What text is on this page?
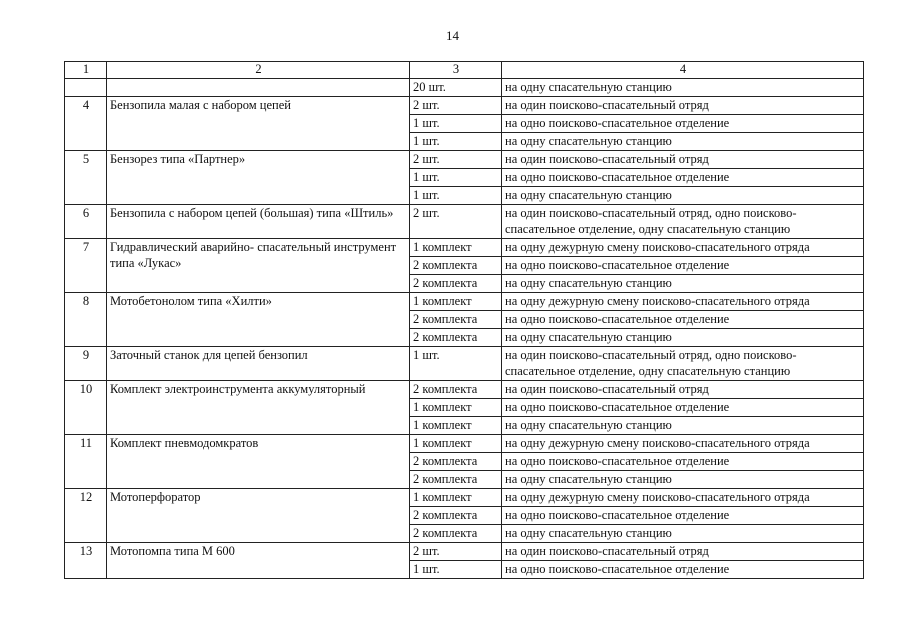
14
1	2	3	4
		20 шт.	на одну спасательную станцию
4	Бензопила малая с набором цепей	2 шт.	на один поисково-спасательный отряд
		1 шт.	на одно поисково-спасательное отделение
		1 шт.	на одну спасательную станцию
5	Бензорез типа «Партнер»	2 шт.	на один поисково-спасательный отряд
		1 шт.	на одно поисково-спасательное отделение
		1 шт.	на одну спасательную станцию
6	Бензопила с набором цепей (большая) типа «Штиль»	2 шт.	на один поисково-спасательный отряд, одно поисково-спасательное отделение, одну спасательную станцию
7	Гидравлический аварийно- спасательный инструмент типа «Лукас»	1 комплект	на одну дежурную смену поисково-спасательного отряда
		2 комплекта	на одно поисково-спасательное отделение
		2 комплекта	на одну спасательную станцию
8	Мотобетонолом типа «Хилти»	1 комплект	на одну дежурную смену поисково-спасательного отряда
		2 комплекта	на одно поисково-спасательное отделение
		2 комплекта	на одну спасательную станцию
9	Заточный станок для цепей бензопил	1 шт.	на один поисково-спасательный отряд, одно поисково-спасательное отделение, одну спасательную станцию
10	Комплект электроинструмента аккумуляторный	2 комплекта	на один поисково-спасательный отряд
		1 комплект	на одно поисково-спасательное отделение
		1 комплект	на одну спасательную станцию
11	Комплект пневмодомкратов	1 комплект	на одну дежурную смену поисково-спасательного отряда
		2 комплекта	на одно поисково-спасательное отделение
		2 комплекта	на одну спасательную станцию
12	Мотоперфоратор	1 комплект	на одну дежурную смену поисково-спасательного отряда
		2 комплекта	на одно поисково-спасательное отделение
		2 комплекта	на одну спасательную станцию
13	Мотопомпа типа М 600	2 шт.	на один поисково-спасательный отряд
		1 шт.	на одно поисково-спасательное отделение
